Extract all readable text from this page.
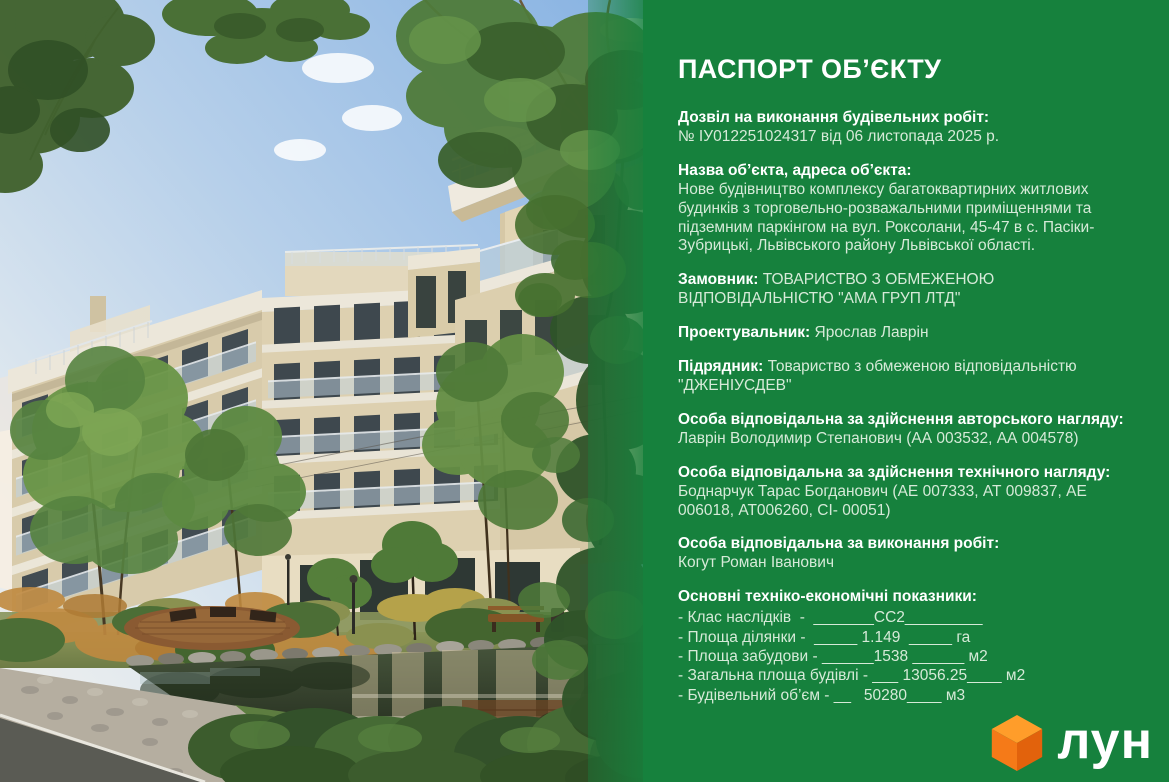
ПАСПОРТ ОБ’ЄКТУ
Дозвіл на виконання будівельних робіт:
№ ІУ012251024317 від 06 листопада 2025 р.
Назва об’єкта, адреса об’єкта:
Нове будівництво комплексу багатоквартирних житлових будинків з торговельно-розважальними приміщеннями та підземним паркінгом на вул. Роксолани, 45-47 в с. Пасіки-Зубрицькі, Львівського району Львівської області.
Замовник: ТОВАРИСТВО З ОБМЕЖЕНОЮ ВІДПОВІДАЛЬНІСТЮ "АМА ГРУП ЛТД"
Проектувальник: Ярослав Лаврін
Підрядник: Товариство з обмеженою відповідальністю "ДЖЕНІУСДЕВ"
Особа відповідальна за здійснення авторського нагляду:
Лаврін Володимир Степанович (АА 003532, АА 004578)
Особа відповідальна за здійснення технічного нагляду:
Боднарчук Тарас Богданович (АЕ 007333, АТ 009837, АЕ 006018, АТ006260, СІ- 00051)
Особа відповідальна за виконання робіт:
Когут Роман Іванович
Основні техніко-економічні показники:
- Клас наслідків  -  _______СС2_________
- Площа ділянки -  _____ 1.149  _____ га
- Площа забудови - ______1538 ______ м2
- Загальна площа будівлі - ___ 13056.25____ м2
- Будівельний об’єм - __   50280____ м3
лун
